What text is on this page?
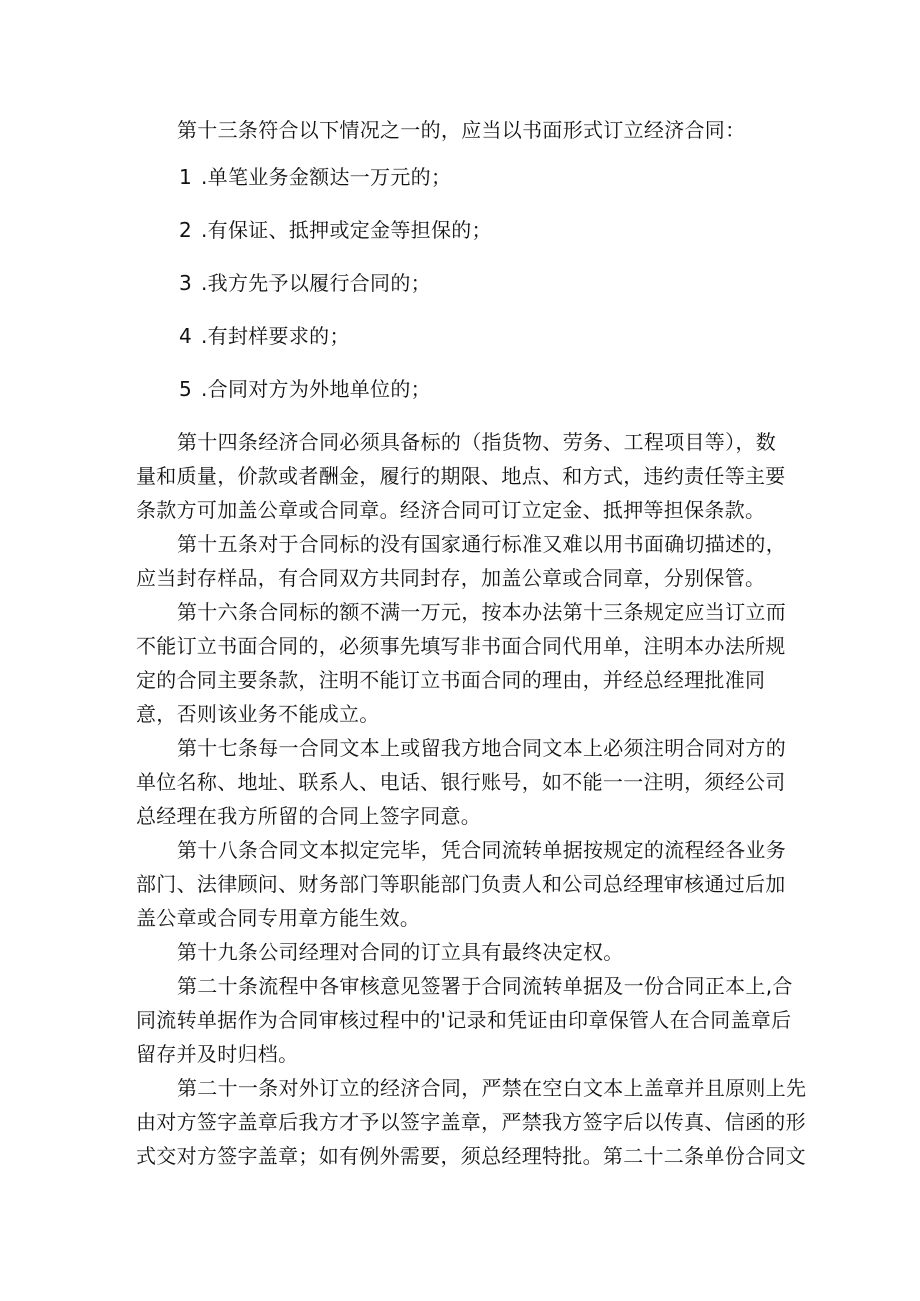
第十三条符合以下情况之一的，应当以书面形式订立经济合同：
1 .单笔业务金额达一万元的；
2 .有保证、抵押或定金等担保的；
3 .我方先予以履行合同的；
4 .有封样要求的；
5 .合同对方为外地单位的；
第十四条经济合同必须具备标的（指货物、劳务、工程项目等），数
量和质量，价款或者酬金，履行的期限、地点、和方式，违约责任等主要
条款方可加盖公章或合同章。经济合同可订立定金、抵押等担保条款。
第十五条对于合同标的没有国家通行标准又难以用书面确切描述的，
应当封存样品，有合同双方共同封存，加盖公章或合同章，分别保管。
第十六条合同标的额不满一万元，按本办法第十三条规定应当订立而
不能订立书面合同的，必须事先填写非书面合同代用单，注明本办法所规
定的合同主要条款，注明不能订立书面合同的理由，并经总经理批准同
意，否则该业务不能成立。
第十七条每一合同文本上或留我方地合同文本上必须注明合同对方的
单位名称、地址、联系人、电话、银行账号，如不能一一注明，须经公司
总经理在我方所留的合同上签字同意。
第十八条合同文本拟定完毕，凭合同流转单据按规定的流程经各业务
部门、法律顾问、财务部门等职能部门负责人和公司总经理审核通过后加
盖公章或合同专用章方能生效。
第十九条公司经理对合同的订立具有最终决定权。
第二十条流程中各审核意见签署于合同流转单据及一份合同正本上,合
同流转单据作为合同审核过程中的'记录和凭证由印章保管人在合同盖章后
留存并及时归档。
第二十一条对外订立的经济合同，严禁在空白文本上盖章并且原则上先
由对方签字盖章后我方才予以签字盖章，严禁我方签字后以传真、信函的形
式交对方签字盖章；如有例外需要，须总经理特批。第二十二条单份合同文
